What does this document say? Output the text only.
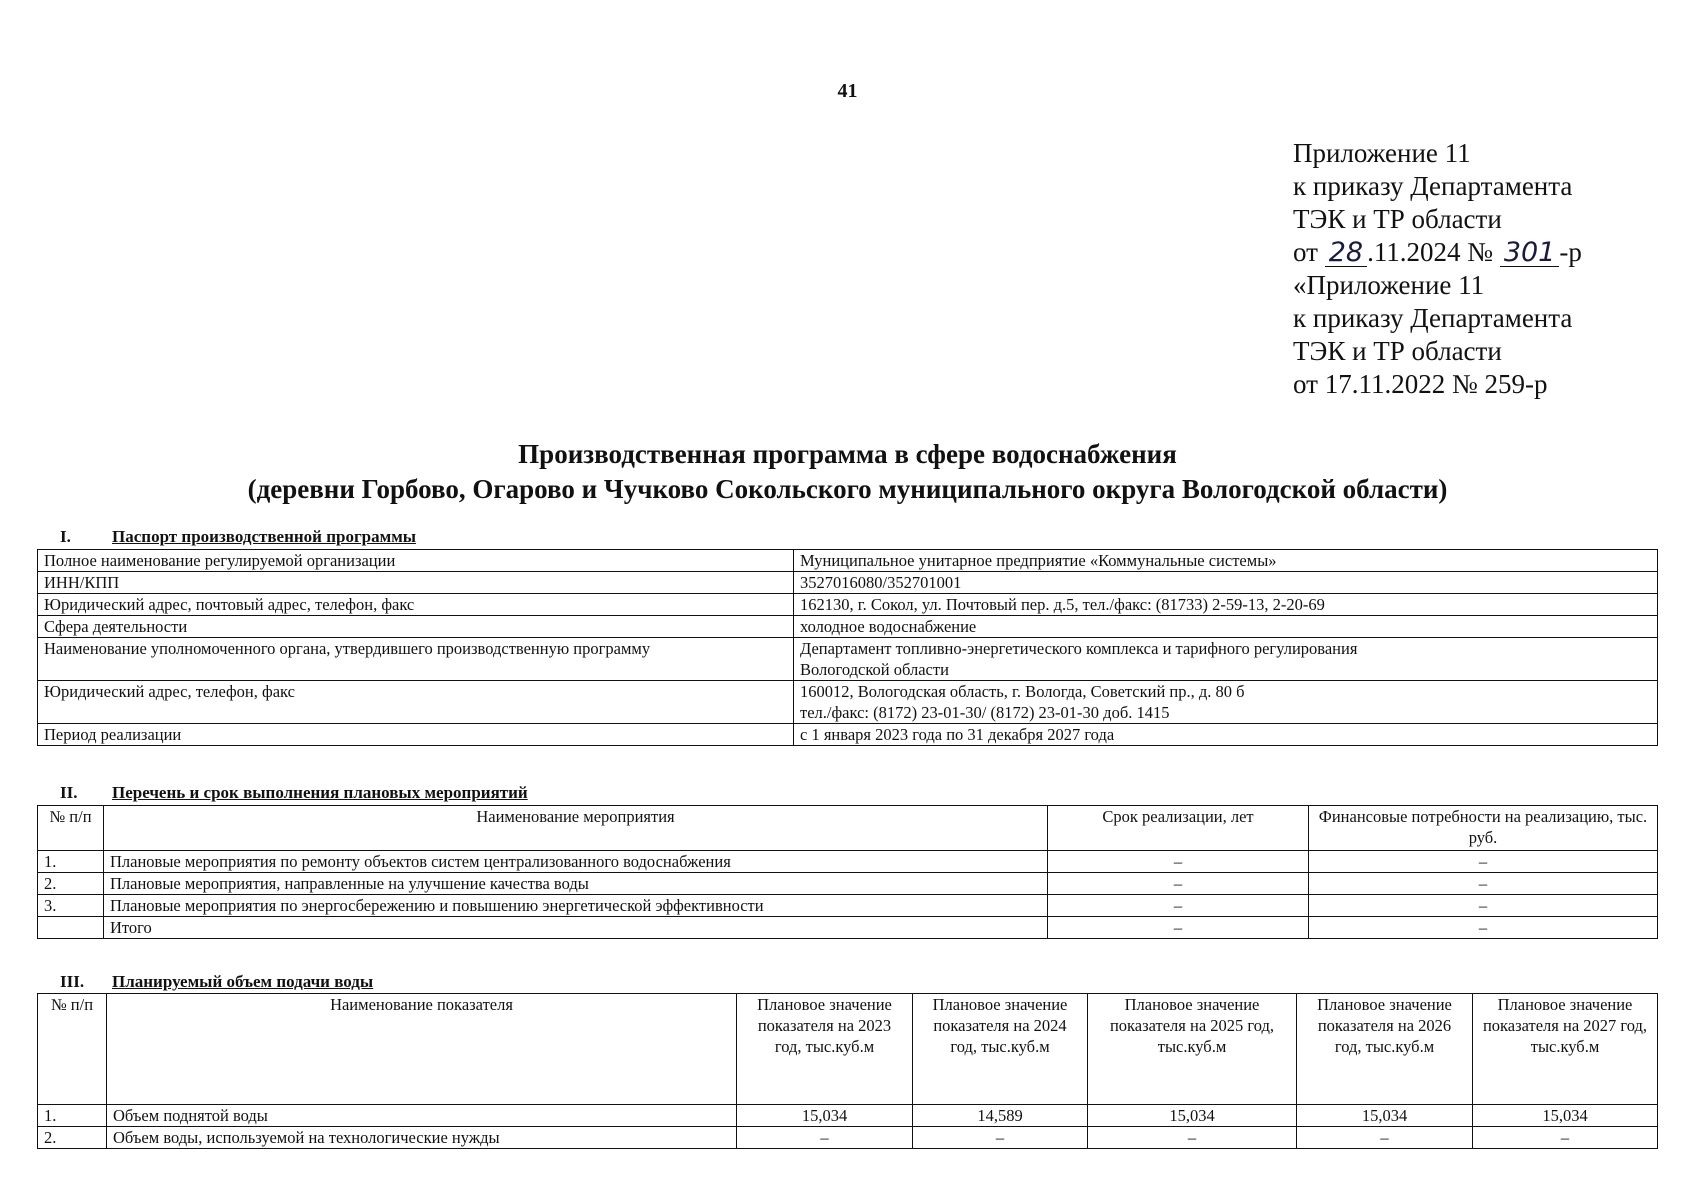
41
Приложение 11
к приказу Департамента
ТЭК и ТР области
от 28 .11.2024 № 301 -р
«Приложение 11
к приказу Департамента
ТЭК и ТР области
от 17.11.2022 № 259-р
Производственная программа в сфере водоснабжения
(деревни Горбово, Огарово и Чучково Сокольского муниципального округа Вологодской области)
I. Паспорт производственной программы
Полное наименование регулируемой организации	Муниципальное унитарное предприятие «Коммунальные системы»
ИНН/КПП	3527016080/352701001
Юридический адрес, почтовый адрес, телефон, факс	162130, г. Сокол, ул. Почтовый пер. д.5, тел./факс: (81733) 2-59-13, 2-20-69
Сфера деятельности	холодное водоснабжение
Наименование уполномоченного органа, утвердившего производственную программу	Департамент топливно-энергетического комплекса и тарифного регулирования
Вологодской области

Юридический адрес, телефон, факс	160012, Вологодская область, г. Вологда, Советский пр., д. 80 б
тел./факс: (8172) 23-01-30/ (8172) 23-01-30 доб. 1415

Период реализации	с 1 января 2023 года по 31 декабря 2027 года
II. Перечень и срок выполнения плановых мероприятий
№ п/п	Наименование мероприятия	Срок реализации, лет	Финансовые потребности на реализацию, тыс. руб.
1.	Плановые мероприятия по ремонту объектов систем централизованного водоснабжения	–	–
2.	Плановые мероприятия, направленные на улучшение качества воды	–	–
3.	Плановые мероприятия по энергосбережению и повышению энергетической эффективности	–	–
	Итого	–	–
III. Планируемый объем подачи воды
№ п/п	Наименование показателя	Плановое значение показателя на 2023 год, тыс.куб.м	Плановое значение показателя на 2024 год, тыс.куб.м	Плановое значение показателя на 2025 год, тыс.куб.м	Плановое значение показателя на 2026 год, тыс.куб.м	Плановое значение показателя на 2027 год, тыс.куб.м
1.	Объем поднятой воды	15,034	14,589	15,034	15,034	15,034
2.	Объем воды, используемой на технологические нужды	–	–	–	–	–
